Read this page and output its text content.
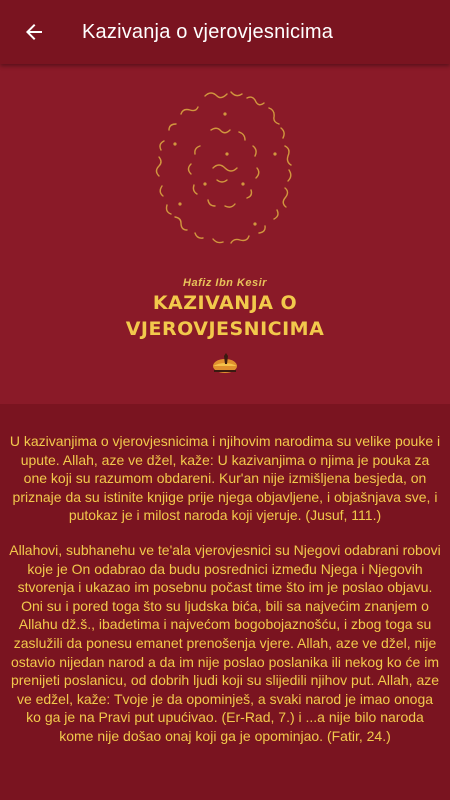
Kazivanja o vjerovjesnicima
Hafiz Ibn Kesir
KAZIVANJA O
VJEROVJESNICIMA

U kazivanjima o vjerovjesnicima i njihovim narodima su velike pouke i upute. Allah, aze ve džel, kaže: U kazivanjima o njima je pouka za one koji su razumom obdareni. Kur'an nije izmišljena besjeda, on priznaje da su istinite knjige prije njega objavljene, i objašnjava sve, i putokaz je i milost naroda koji vjeruje. (Jusuf, 111.)

Allahovi, subhanehu ve te'ala vjerovjesnici su Njegovi odabrani robovi koje je On odabrao da budu posrednici između Njega i Njegovih stvorenja i ukazao im posebnu počast time što im je poslao objavu. Oni su i pored toga što su ljudska bića, bili sa najvećim znanjem o Allahu dž.š., ibadetima i najvećom bogobojaznošću, i zbog toga su zaslužili da ponesu emanet prenošenja vjere. Allah, aze ve džel, nije ostavio nijedan narod a da im nije poslao poslanika ili nekog ko će im prenijeti poslanicu, od dobrih ljudi koji su slijedili njihov put. Allah, aze ve edžel, kaže: Tvoje je da opominješ, a svaki narod je imao onoga ko ga je na Pravi put upućivao. (Er-Rad, 7.) i ...a nije bilo naroda kome nije došao onaj koji ga je opominjao. (Fatir, 24.)
